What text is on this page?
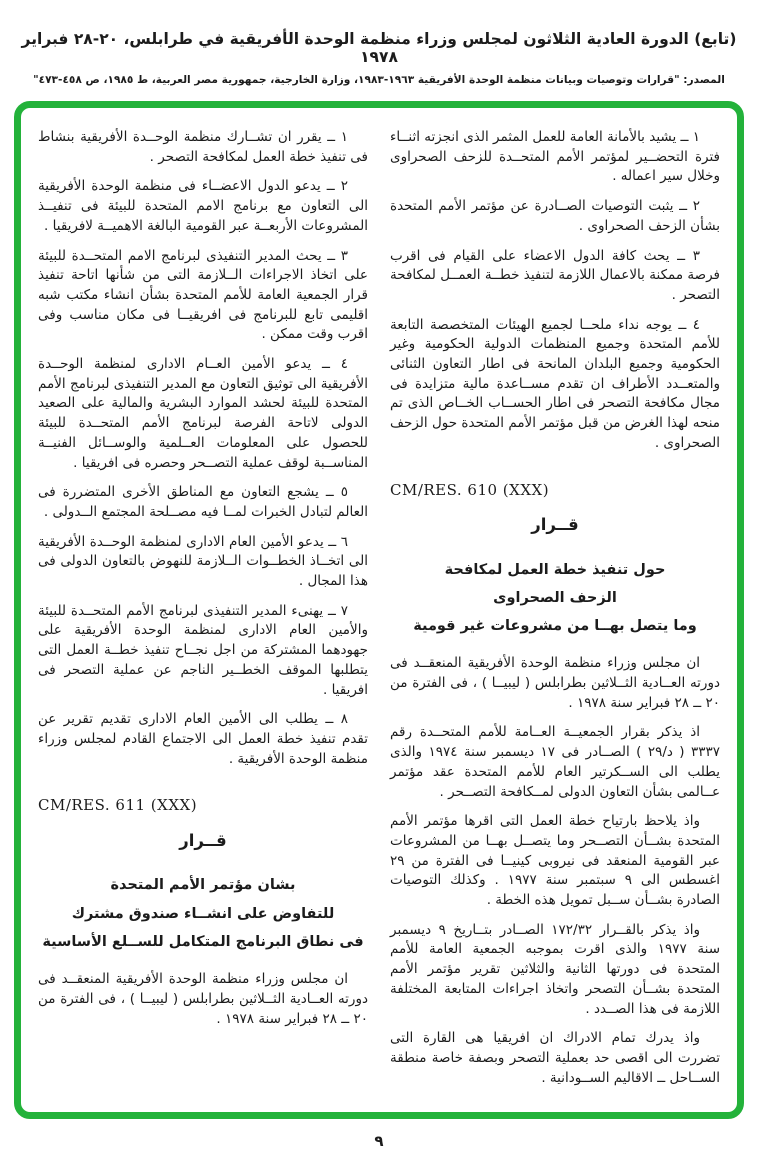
(تابع) الدورة العادية الثلاثون لمجلس وزراء منظمة الوحدة الأفريقية في طرابلس، ٢٠-٢٨ فبراير ١٩٧٨
المصدر: "قرارات وتوصيات وبيانات منظمة الوحدة الأفريقية ١٩٦٣-١٩٨٣، وزارة الخارجية، جمهورية مصر العربية، ط ١٩٨٥، ص ٤٥٨-٤٧٣"

١ ــ يشيد بالأمانة العامة للعمل المثمر الذى انجزته اثنــاء فترة التحضــير لمؤتمر الأمم المتحــدة للزحف الصحراوى وخلال سير اعماله .

٢ ــ يثبت التوصيات الصــادرة عن مؤتمر الأمم المتحدة بشأن الزحف الصحراوى .

٣ ــ يحث كافة الدول الاعضاء على القيام فى اقرب فرصة ممكنة بالاعمال اللازمة لتنفيذ خطــة العمــل لمكافحة التصحر .

٤ ــ يوجه نداء ملحــا لجميع الهيئات المتخصصة التابعة للأمم المتحدة وجميع المنظمات الدولية الحكومية وغير الحكومية وجميع البلدان المانحة فى اطار التعاون الثنائى والمتعــدد الأطراف ان تقدم مســاعدة مالية متزايدة فى مجال مكافحة التصحر فى اطار الحســاب الخــاص الذى تم منحه لهذا الغرض من قبل مؤتمر الأمم المتحدة حول الزحف الصحراوى .

CM/RES. 610 (XXX)
قــرار
حول تنفيذ خطة العمل لمكافحة
الزحف الصحراوى
وما يتصل بهــا من مشروعات غير قومية

ان مجلس وزراء منظمة الوحدة الأفريقية المنعقــد فى دورته العــادية الثــلاثين بطرابلس ( ليبيــا ) ، فى الفترة من ٢٠ ــ ٢٨ فبراير سنة ١٩٧٨ .

اذ يذكر بقرار الجمعيــة العــامة للأمم المتحــدة رقم ٣٣٣٧ ( د/٢٩ ) الصــادر فى ١٧ ديسمبر سنة ١٩٧٤ والذى يطلب الى الســكرتير العام للأمم المتحدة عقد مؤتمر عــالمى بشأن التعاون الدولى لمــكافحة التصــحر .

واذ يلاحظ بارتياح خطة العمل التى اقرها مؤتمر الأمم المتحدة بشــأن التصــحر وما يتصــل بهــا من المشروعات عبر القومية المنعقد فى نيروبى كينيــا فى الفترة من ٢٩ اغسطس الى ٩ سبتمبر سنة ١٩٧٧ . وكذلك التوصيات الصادرة بشــأن ســبل تمويل هذه الخطة .

واذ يذكر بالقــرار ١٧٢/٣٢ الصــادر بتــاريخ ٩ ديسمبر سنة ١٩٧٧ والذى اقرت بموجبه الجمعية العامة للأمم المتحدة فى دورتها الثانية والثلاثين تقرير مؤتمر الأمم المتحدة بشــأن التصحر واتخاذ اجراءات المتابعة المختلفة اللازمة فى هذا الصــدد .

واذ يدرك تمام الادراك ان افريقيا هى القارة التى تضررت الى اقصى حد بعملية التصحر وبصفة خاصة منطقة الســاحل ــ الاقاليم الســودانية .

١ ــ يقرر ان تشــارك منظمة الوحــدة الأفريقية بنشاط فى تنفيذ خطة العمل لمكافحة التصحر .

٢ ــ يدعو الدول الاعضــاء فى منظمة الوحدة الأفريقية الى التعاون مع برنامج الامم المتحدة للبيئة فى تنفيــذ المشروعات الأربعــة عبر القومية البالغة الاهميــة لافريقيا .

٣ ــ يحث المدير التنفيذى لبرنامج الامم المتحــدة للبيئة على اتخاذ الاجراءات الــلازمة التى من شأنها اتاحة تنفيذ قرار الجمعية العامة للأمم المتحدة بشأن انشاء مكتب شبه اقليمى تابع للبرنامج فى افريقيــا فى مكان مناسب وفى اقرب وقت ممكن .

٤ ــ يدعو الأمين العــام الادارى لمنظمة الوحــدة الأفريقية الى توثيق التعاون مع المدير التنفيذى لبرنامج الأمم المتحدة للبيئة لحشد الموارد البشرية والمالية على الصعيد الدولى لاتاحة الفرصة لبرنامج الأمم المتحــدة للبيئة للحصول على المعلومات العــلمية والوســائل الفنيــة المناســبة لوقف عملية التصــحر وحصره فى افريقيا .

٥ ــ يشجع التعاون مع المناطق الأخرى المتضررة فى العالم لتبادل الخبرات لمــا فيه مصــلحة المجتمع الــدولى .

٦ ــ يدعو الأمين العام الادارى لمنظمة الوحــدة الأفريقية الى اتخــاذ الخطــوات الــلازمة للنهوض بالتعاون الدولى فى هذا المجال .

٧ ــ يهنىء المدير التنفيذى لبرنامج الأمم المتحــدة للبيئة والأمين العام الادارى لمنظمة الوحدة الأفريقية على جهودهما المشتركة من اجل نجــاح تنفيذ خطــة العمل التى يتطلبها الموقف الخطــير الناجم عن عملية التصحر فى افريقيا .

٨ ــ يطلب الى الأمين العام الادارى تقديم تقرير عن تقدم تنفيذ خطة العمل الى الاجتماع القادم لمجلس وزراء منظمة الوحدة الأفريقية .

CM/RES. 611 (XXX)
قــرار
بشان مؤتمر الأمم المتحدة
للتفاوض على انشــاء صندوق مشترك
فى نطاق البرنامج المتكامل للســلع الأساسية

ان مجلس وزراء منظمة الوحدة الأفريقية المنعقــد فى دورته العــادية الثــلاثين بطرابلس ( ليبيــا ) ، فى الفترة من ٢٠ ــ ٢٨ فبراير سنة ١٩٧٨ .

٩
